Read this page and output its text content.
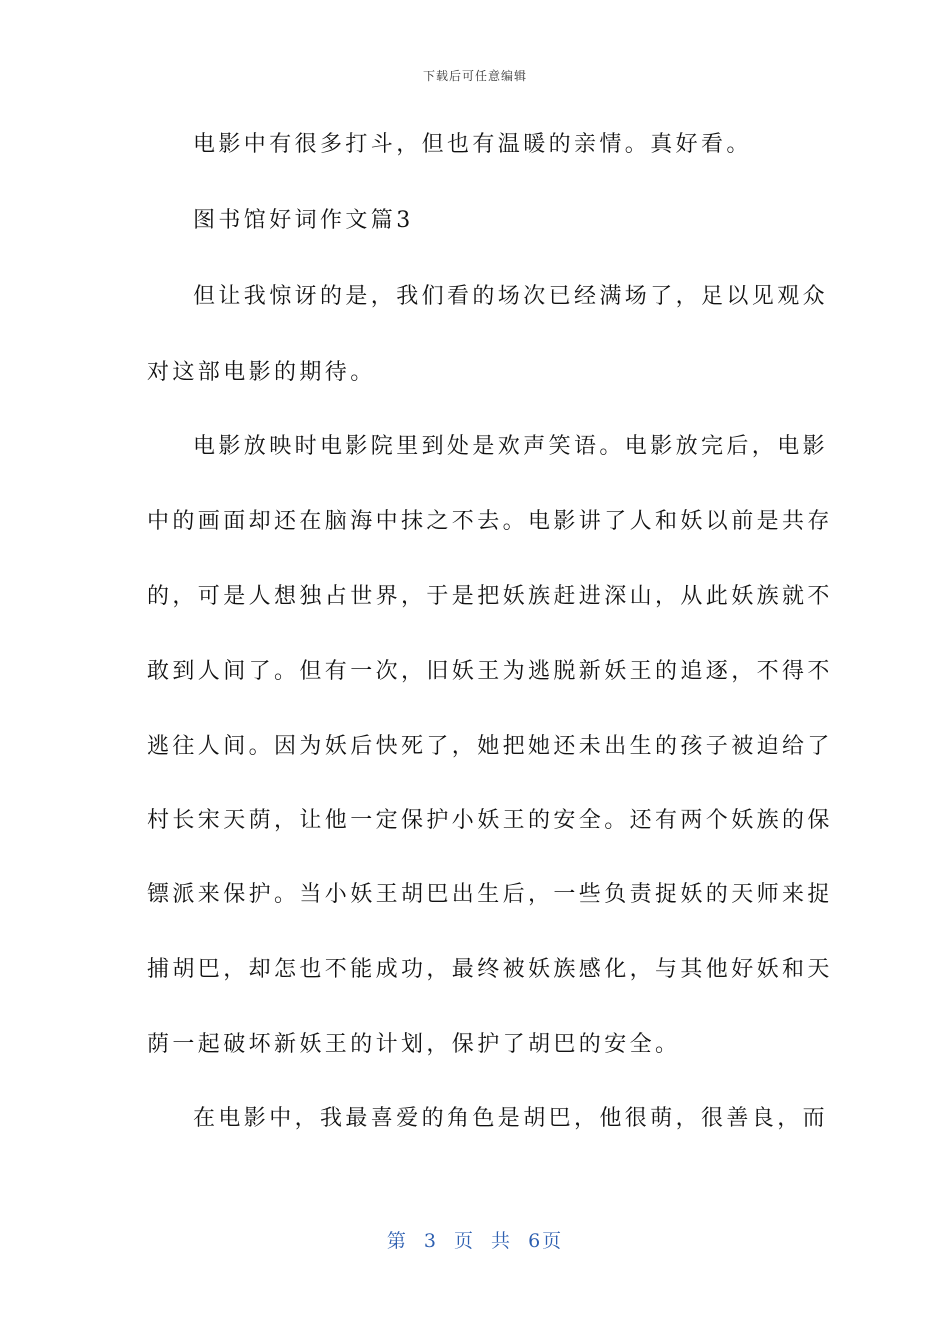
下载后可任意编辑
电影中有很多打斗，但也有温暖的亲情。真好看。
图书馆好词作文篇3
但让我惊讶的是，我们看的场次已经满场了，足以见观众
对这部电影的期待。
电影放映时电影院里到处是欢声笑语。电影放完后，电影
中的画面却还在脑海中抹之不去。电影讲了人和妖以前是共存
的，可是人想独占世界，于是把妖族赶进深山，从此妖族就不
敢到人间了。但有一次，旧妖王为逃脱新妖王的追逐，不得不
逃往人间。因为妖后快死了，她把她还未出生的孩子被迫给了
村长宋天荫，让他一定保护小妖王的安全。还有两个妖族的保
镖派来保护。当小妖王胡巴出生后，一些负责捉妖的天师来捉
捕胡巴，却怎也不能成功，最终被妖族感化，与其他好妖和天
荫一起破坏新妖王的计划，保护了胡巴的安全。
在电影中，我最喜爱的角色是胡巴，他很萌，很善良，而
第 3 页 共 6页
